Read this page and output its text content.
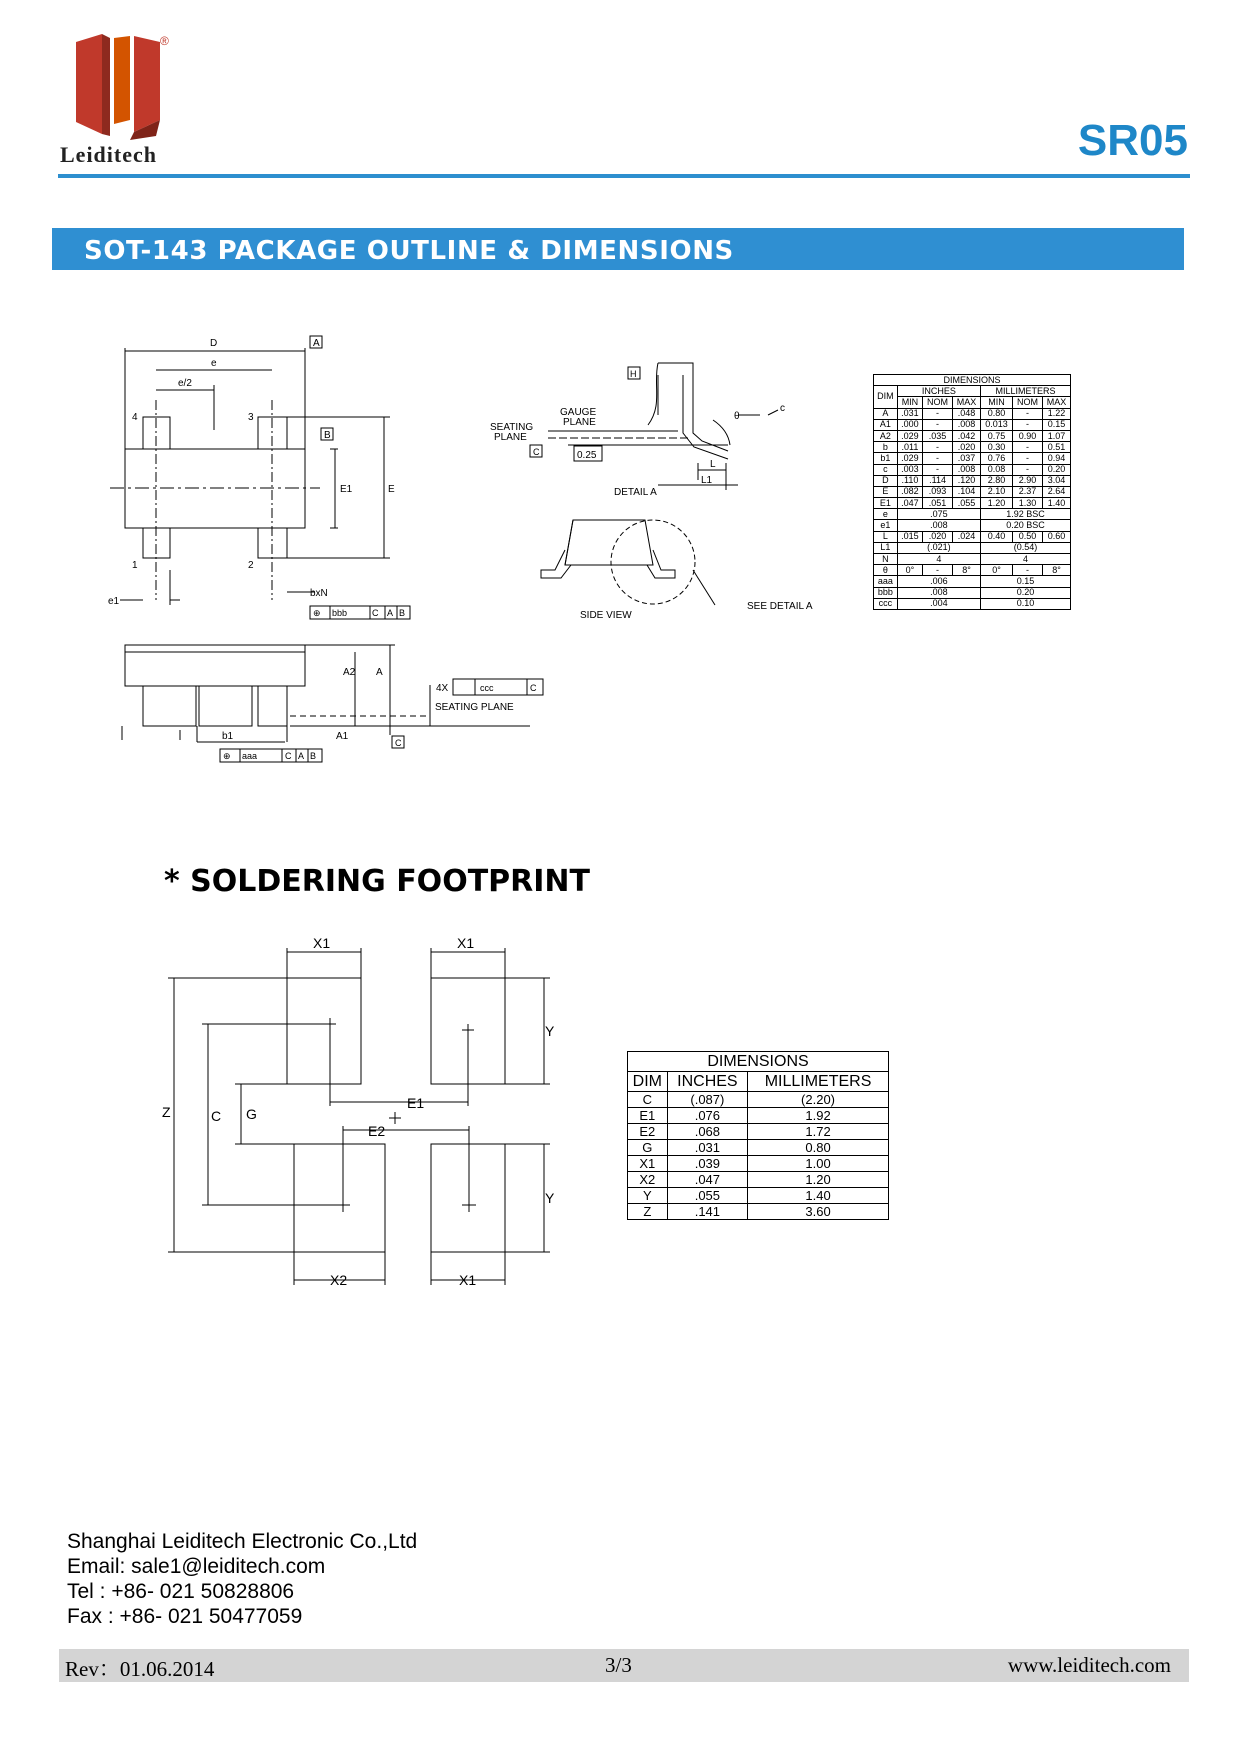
®
Leiditech	SR05
SOT-143 PACKAGE OUTLINE & DIMENSIONS
D
e
e/2
A
B
E1	E
4	3
1	2
e1
bxN
⊕ bbb	C A B
A2 A
4X	ccc	C
SEATING PLANE
b1	A1
C
⊕ aaa	C A B
H
GAUGE
PLANE
SEATING
PLANE
C	0.25
θ
c
L
L1
DETAIL A
SIDE VIEW
SEE DETAIL A
DIMENSIONS						
DIM	INCHES			MILLIMETERS		
	MIN	NOM	MAX	MIN	NOM	MAX
A	.031	-	.048	0.80	-	1.22
A1	.000	-	.008	0.013	-	0.15
A2	.029	.035	.042	0.75	0.90	1.07
b	.011	-	.020	0.30	-	0.51
b1	.029	-	.037	0.76	-	0.94
c	.003	-	.008	0.08	-	0.20
D	.110	.114	.120	2.80	2.90	3.04
E	.082	.093	.104	2.10	2.37	2.64
E1	.047	.051	.055	1.20	1.30	1.40
e	.075			1.92 BSC		
e1	.008			0.20 BSC		
L	.015	.020	.024	0.40	0.50	0.60
L1	(.021)			(0.54)		
N	4			4		
θ	0°	-	8°	0°	-	8°
aaa	.006			0.15		
bbb	.008			0.20		
ccc	.004			0.10		
* SOLDERING FOOTPRINT
X1	X1
Z	C G
E1
E2
Y
Y
X2	X1
DIMENSIONS		
DIM	INCHES	MILLIMETERS
C	(.087)	(2.20)
E1	.076	1.92
E2	.068	1.72
G	.031	0.80
X1	.039	1.00
X2	.047	1.20
Y	.055	1.40
Z	.141	3.60
Shanghai Leiditech Electronic Co.,Ltd
Email: sale1@leiditech.com
Tel : +86- 021 50828806
Fax : +86- 021 50477059
Rev：01.06.2014	3/3	www.leiditech.com
